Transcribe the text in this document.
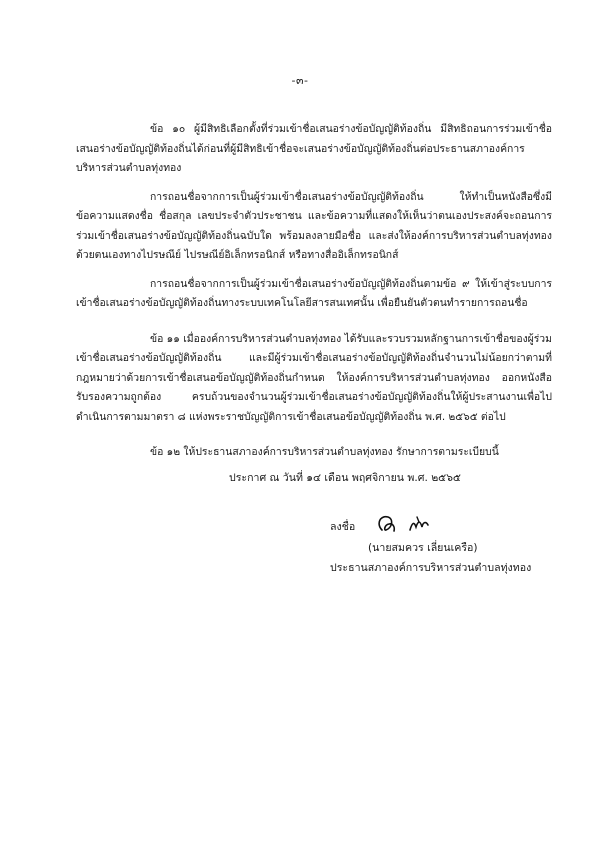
-๓-

ข้อ ๑๐ ผู้มีสิทธิเลือกตั้งที่ร่วมเข้าชื่อเสนอร่างข้อบัญญัติท้องถิ่น มีสิทธิถอนการร่วมเข้าชื่อเสนอร่างข้อบัญญัติท้องถิ่นได้ก่อนที่ผู้มีสิทธิเข้าชื่อจะเสนอร่างข้อบัญญัติท้องถิ่นต่อประธานสภาองค์การบริหารส่วนตำบลทุ่งทอง

การถอนชื่อจากการเป็นผู้ร่วมเข้าชื่อเสนอร่างข้อบัญญัติท้องถิ่น ให้ทำเป็นหนังสือซึ่งมีข้อความแสดงชื่อ ชื่อสกุล เลขประจำตัวประชาชน และข้อความที่แสดงให้เห็นว่าตนเองประสงค์จะถอนการร่วมเข้าชื่อเสนอร่างข้อบัญญัติท้องถิ่นฉบับใด พร้อมลงลายมือชื่อ และส่งให้องค์การบริหารส่วนตำบลทุ่งทอง ด้วยตนเองทางไปรษณีย์ ไปรษณีย์อิเล็กทรอนิกส์ หรือทางสื่ออิเล็กทรอนิกส์

การถอนชื่อจากการเป็นผู้ร่วมเข้าชื่อเสนอร่างข้อบัญญัติท้องถิ่นตามข้อ ๙ ให้เข้าสู่ระบบการเข้าชื่อเสนอร่างข้อบัญญัติท้องถิ่นทางระบบเทคโนโลยีสารสนเทศนั้น เพื่อยืนยันตัวตนทำรายการถอนชื่อ

ข้อ ๑๑ เมื่อองค์การบริหารส่วนตำบลทุ่งทอง ได้รับและรวบรวมหลักฐานการเข้าชื่อของผู้ร่วมเข้าชื่อเสนอร่างข้อบัญญัติท้องถิ่น และมีผู้ร่วมเข้าชื่อเสนอร่างข้อบัญญัติท้องถิ่นจำนวนไม่น้อยกว่าตามที่กฎหมายว่าด้วยการเข้าชื่อเสนอข้อบัญญัติท้องถิ่นกำหนด ให้องค์การบริหารส่วนตำบลทุ่งทอง ออกหนังสือรับรองความถูกต้อง ครบถ้วนของจำนวนผู้ร่วมเข้าชื่อเสนอร่างข้อบัญญัติท้องถิ่นให้ผู้ประสานงานเพื่อไปดำเนินการตามมาตรา ๘ แห่งพระราชบัญญัติการเข้าชื่อเสนอข้อบัญญัติท้องถิ่น พ.ศ. ๒๕๖๕ ต่อไป

ข้อ ๑๒ ให้ประธานสภาองค์การบริหารส่วนตำบลทุ่งทอง รักษาการตามระเบียบนี้

ประกาศ ณ วันที่ ๑๔ เดือน พฤศจิกายน พ.ศ. ๒๕๖๕
ลงชื่อ
(นายสมควร เลี่ยนเครือ)
ประธานสภาองค์การบริหารส่วนตำบลทุ่งทอง
